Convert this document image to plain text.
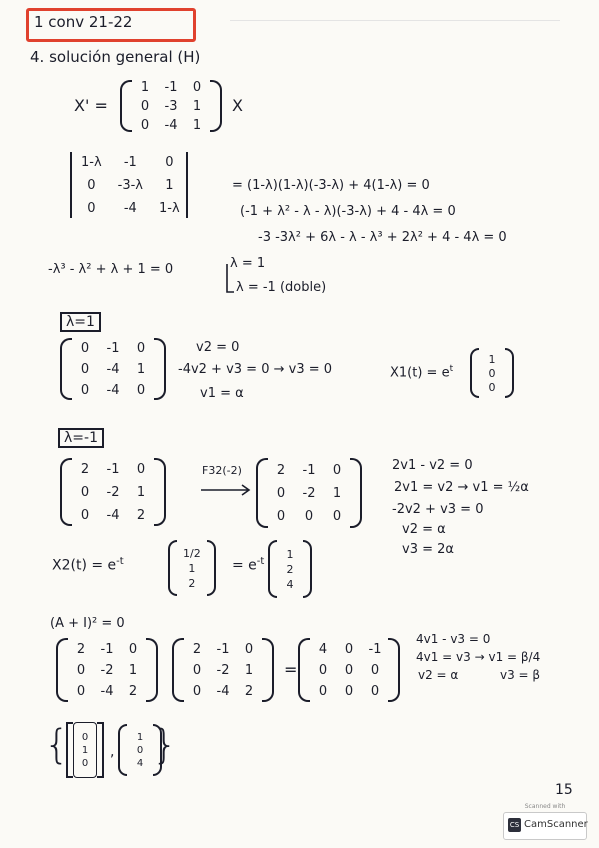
1 conv 21-22
4. solución general (H)
X' =
1 -1 0
0 -3 1
0 -4 1
X
1-λ	-1	0
0	-3-λ	1
0	-4	1-λ
= (1-λ)(1-λ)(-3-λ) + 4(1-λ) = 0
(-1 + λ² - λ - λ)(-3-λ) + 4 - 4λ = 0
-3 -3λ² + 6λ - λ - λ³ + 2λ² + 4 - 4λ = 0
-λ³ - λ² + λ + 1 = 0	λ = 1
λ = -1 (doble)
λ=1
0 -1 0
0 -4 1
0 -4 0
v2 = 0
-4v2 + v3 = 0 → v3 = 0
v1 = α
$X1(t) = e^t$
1
0
0
λ=-1
2 -1 0
0 -2 1
0 -4 2
F32(-2)	2 -1 0
0 -2 1
0 0 0
2v1 - v2 = 0
2v1 = v2 → v1 = ½α
-2v2 + v3 = 0
v2 = α
v3 = 2α
$X2(t) = e^{-t}$
1/2
1
2
= $e^{-t}$
1
2
4
(A + I)² = 0
2 -1 0
0 -2 1
0 -4 2
2 -1 0
0 -2 1
0 -4 2
=
4 0 -1
0 0 0
0 0 0
4v1 - v3 = 0
4v1 = v3 → v1 = β/4
v2 = α	v3 = β
{	0
1
0
,
1
0
4 }
15
Scanned with
CS CamScanner
